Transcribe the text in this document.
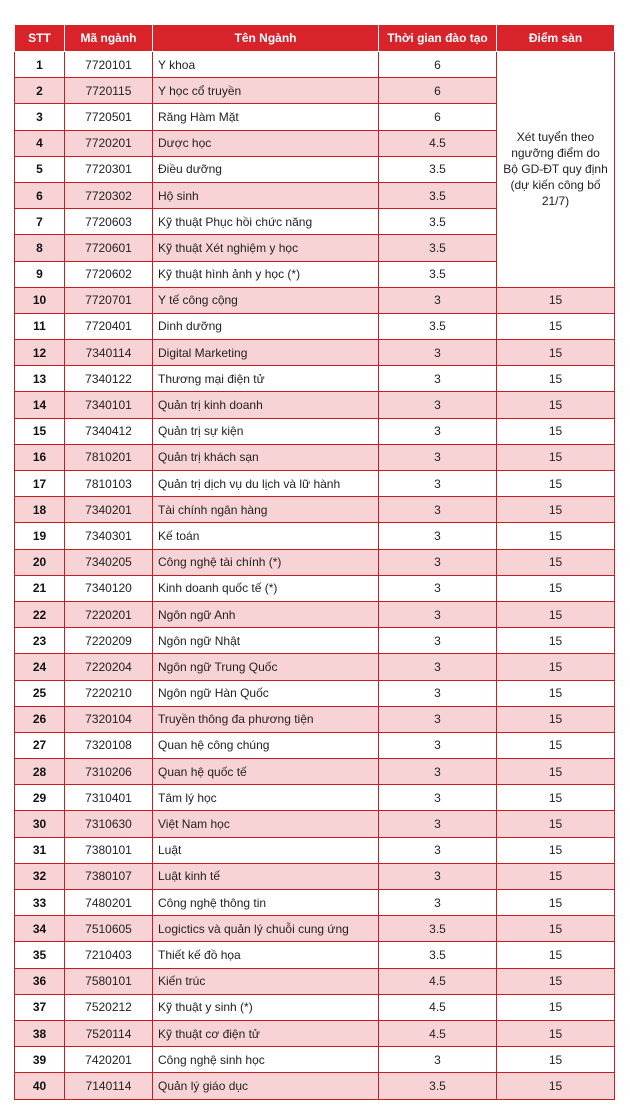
STT	Mã ngành	Tên Ngành	Thời gian đào tạo	Điểm sàn
1	7720101	Y khoa	6	Xét tuyển theo ngưỡng điểm do Bộ GD-ĐT quy định (dự kiến công bố 21/7)
2	7720115	Y học cổ truyền	6	
3	7720501	Răng Hàm Mặt	6	
4	7720201	Dược học	4.5	
5	7720301	Điều dưỡng	3.5	
6	7720302	Hộ sinh	3.5	
7	7720603	Kỹ thuật Phục hồi chức năng	3.5	
8	7720601	Kỹ thuật Xét nghiệm y học	3.5	
9	7720602	Kỹ thuật hình ảnh y học (*)	3.5	
10	7720701	Y tế công cộng	3	15
11	7720401	Dinh dưỡng	3.5	15
12	7340114	Digital Marketing	3	15
13	7340122	Thương mại điện tử	3	15
14	7340101	Quản trị kinh doanh	3	15
15	7340412	Quản trị sự kiện	3	15
16	7810201	Quản trị khách sạn	3	15
17	7810103	Quản trị dịch vụ du lịch và lữ hành	3	15
18	7340201	Tài chính ngân hàng	3	15
19	7340301	Kế toán	3	15
20	7340205	Công nghệ tài chính (*)	3	15
21	7340120	Kinh doanh quốc tế (*)	3	15
22	7220201	Ngôn ngữ Anh	3	15
23	7220209	Ngôn ngữ Nhật	3	15
24	7220204	Ngôn ngữ Trung Quốc	3	15
25	7220210	Ngôn ngữ Hàn Quốc	3	15
26	7320104	Truyền thông đa phương tiện	3	15
27	7320108	Quan hệ công chúng	3	15
28	7310206	Quan hệ quốc tế	3	15
29	7310401	Tâm lý học	3	15
30	7310630	Việt Nam học	3	15
31	7380101	Luật	3	15
32	7380107	Luật kinh tế	3	15
33	7480201	Công nghệ thông tin	3	15
34	7510605	Logictics và quản lý chuỗi cung ứng	3.5	15
35	7210403	Thiết kế đồ họa	3.5	15
36	7580101	Kiến trúc	4.5	15
37	7520212	Kỹ thuật y sinh (*)	4.5	15
38	7520114	Kỹ thuật cơ điện tử	4.5	15
39	7420201	Công nghệ sinh học	3	15
40	7140114	Quản lý giáo dục	3.5	15
